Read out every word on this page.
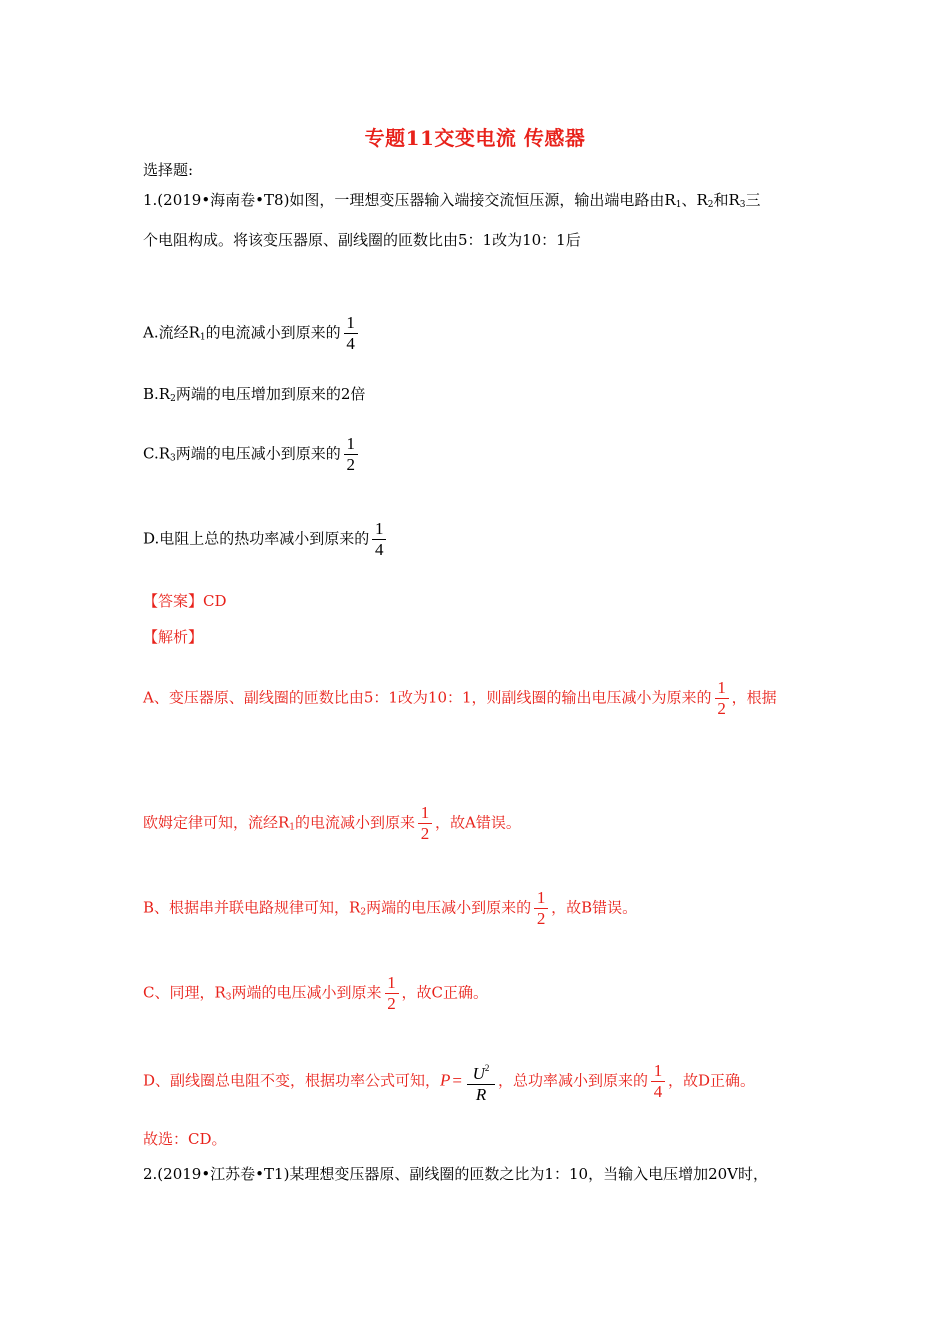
专题11交变电流 传感器
选择题:
1.(2019•海南卷•T8)如图，一理想变压器输入端接交流恒压源，输出端电路由$R_1$、$R_2$和$R_3$三
个电阻构成。将该变压器原、副线圈的匝数比由5：1改为10：1后
A.流经$R_1$的电流减小到原来的 $\frac{1}{4}$
$B.R_2$两端的电压增加到原来的2倍
$C.R_3$两端的电压减小到原来的 $\frac{1}{2}$
D.电阻上总的热功率减小到原来的 $\frac{1}{4}$
【答案】CD
【解析】
A、变压器原、副线圈的匝数比由5：1改为10：1，则副线圈的输出电压减小为原来的 $\frac{1}{2}$ ，根据
欧姆定律可知，流经$R_1$的电流减小到原来 $\frac{1}{2}$ ，故A错误。
B、根据串并联电路规律可知，$R_2$两端的电压减小到原来的 $\frac{1}{2}$ ，故B错误。
C、同理，$R_3$两端的电压减小到原来 $\frac{1}{2}$ ，故C正确。
D、副线圈总电阻不变，根据功率公式可知，$P = \frac{U^2}{R}$ ，总功率减小到原来的 $\frac{1}{4}$ ，故D正确。
故选：CD。
2.(2019•江苏卷•T1)某理想变压器原、副线圈的匝数之比为1：10，当输入电压增加20V时，
